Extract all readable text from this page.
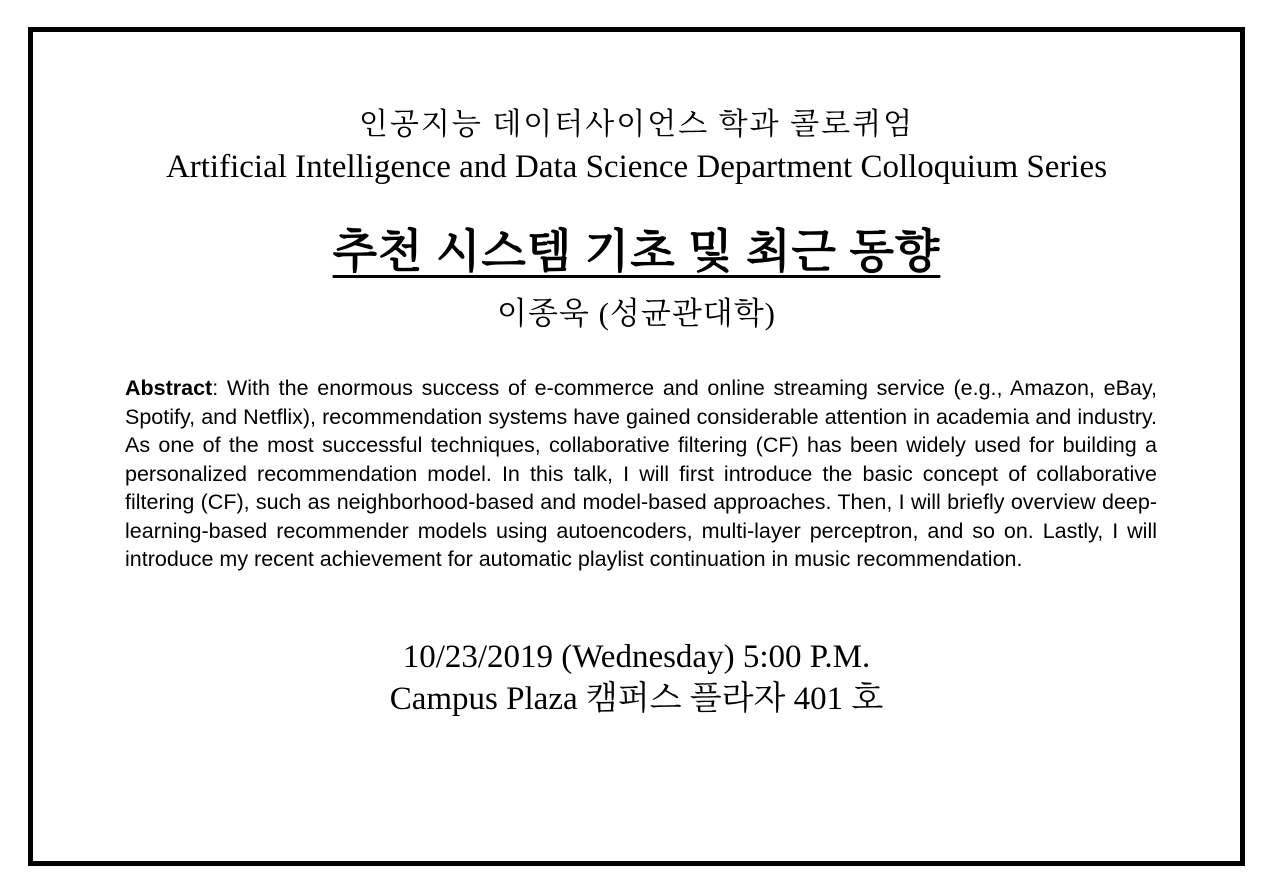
인공지능 데이터사이언스 학과 콜로퀴엄
Artificial Intelligence and Data Science Department Colloquium Series
추천 시스템 기초 및 최근 동향
이종욱 (성균관대학)

Abstract: With the enormous success of e-commerce and online streaming service (e.g., Amazon, eBay, Spotify, and Netflix), recommendation systems have gained considerable attention in academia and industry. As one of the most successful techniques, collaborative filtering (CF) has been widely used for building a personalized recommendation model. In this talk, I will first introduce the basic concept of collaborative filtering (CF), such as neighborhood-based and model-based approaches. Then, I will briefly overview deep-learning-based recommender models using autoencoders, multi-layer perceptron, and so on. Lastly, I will introduce my recent achievement for automatic playlist continuation in music recommendation.

10/23/2019 (Wednesday) 5:00 P.M.
Campus Plaza 캠퍼스 플라자 401 호
